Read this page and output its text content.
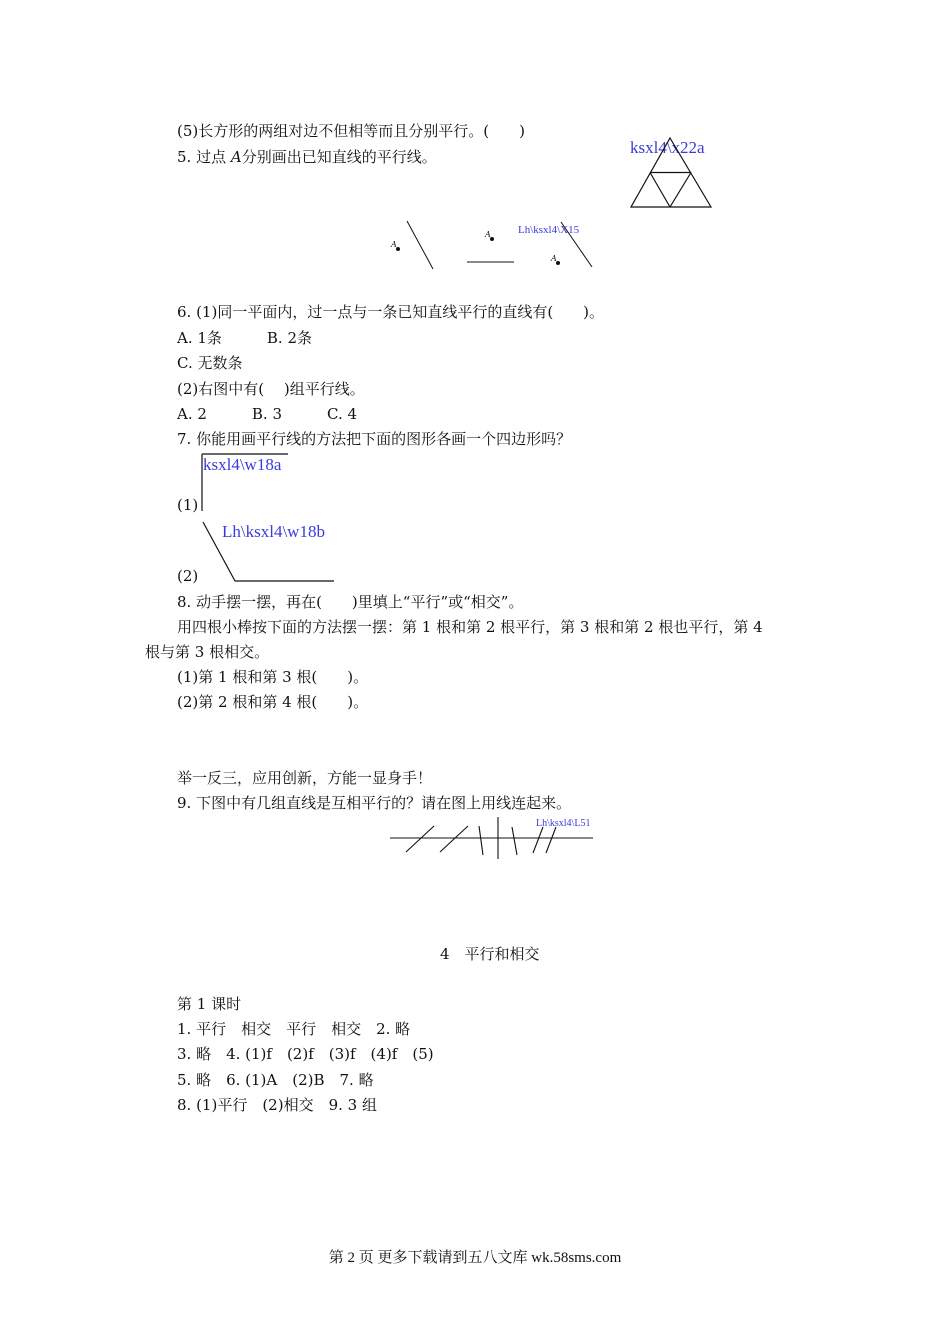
(5)长方形的两组对边不但相等而且分别平行。(　　)
5. 过点 A分别画出已知直线的平行线。
6. (1)同一平面内，过一点与一条已知直线平行的直线有(　　)。
A. 1条　　　B. 2条
C. 无数条
(2)右图中有(　 )组平行线。
A. 2　　　B. 3　　　C. 4
7. 你能用画平行线的方法把下面的图形各画一个四边形吗？
(1)
(2)
8. 动手摆一摆，再在(　　)里填上“平行”或“相交”。
用四根小棒按下面的方法摆一摆：第 1 根和第 2 根平行，第 3 根和第 2 根也平行，第 4
根与第 3 根相交。
(1)第 1 根和第 3 根(　　)。
(2)第 2 根和第 4 根(　　)。
举一反三，应用创新，方能一显身手！
9. 下图中有几组直线是互相平行的？请在图上用线连起来。
4　平行和相交
第 1 课时
1. 平行　相交　平行　相交　2. 略
3. 略　4. (1)f　(2)f　(3)f　(4)f　(5)
5. 略　6. (1)A　(2)B　7. 略
8. (1)平行　(2)相交　9. 3 组
ksxl4\x22a
Lh\ksxl4\X15
A
A
A
ksxl4\w18a
Lh\ksxl4\w18b
Lh\ksxl4\L51
第 2 页 更多下载请到五八文库 wk.58sms.com
